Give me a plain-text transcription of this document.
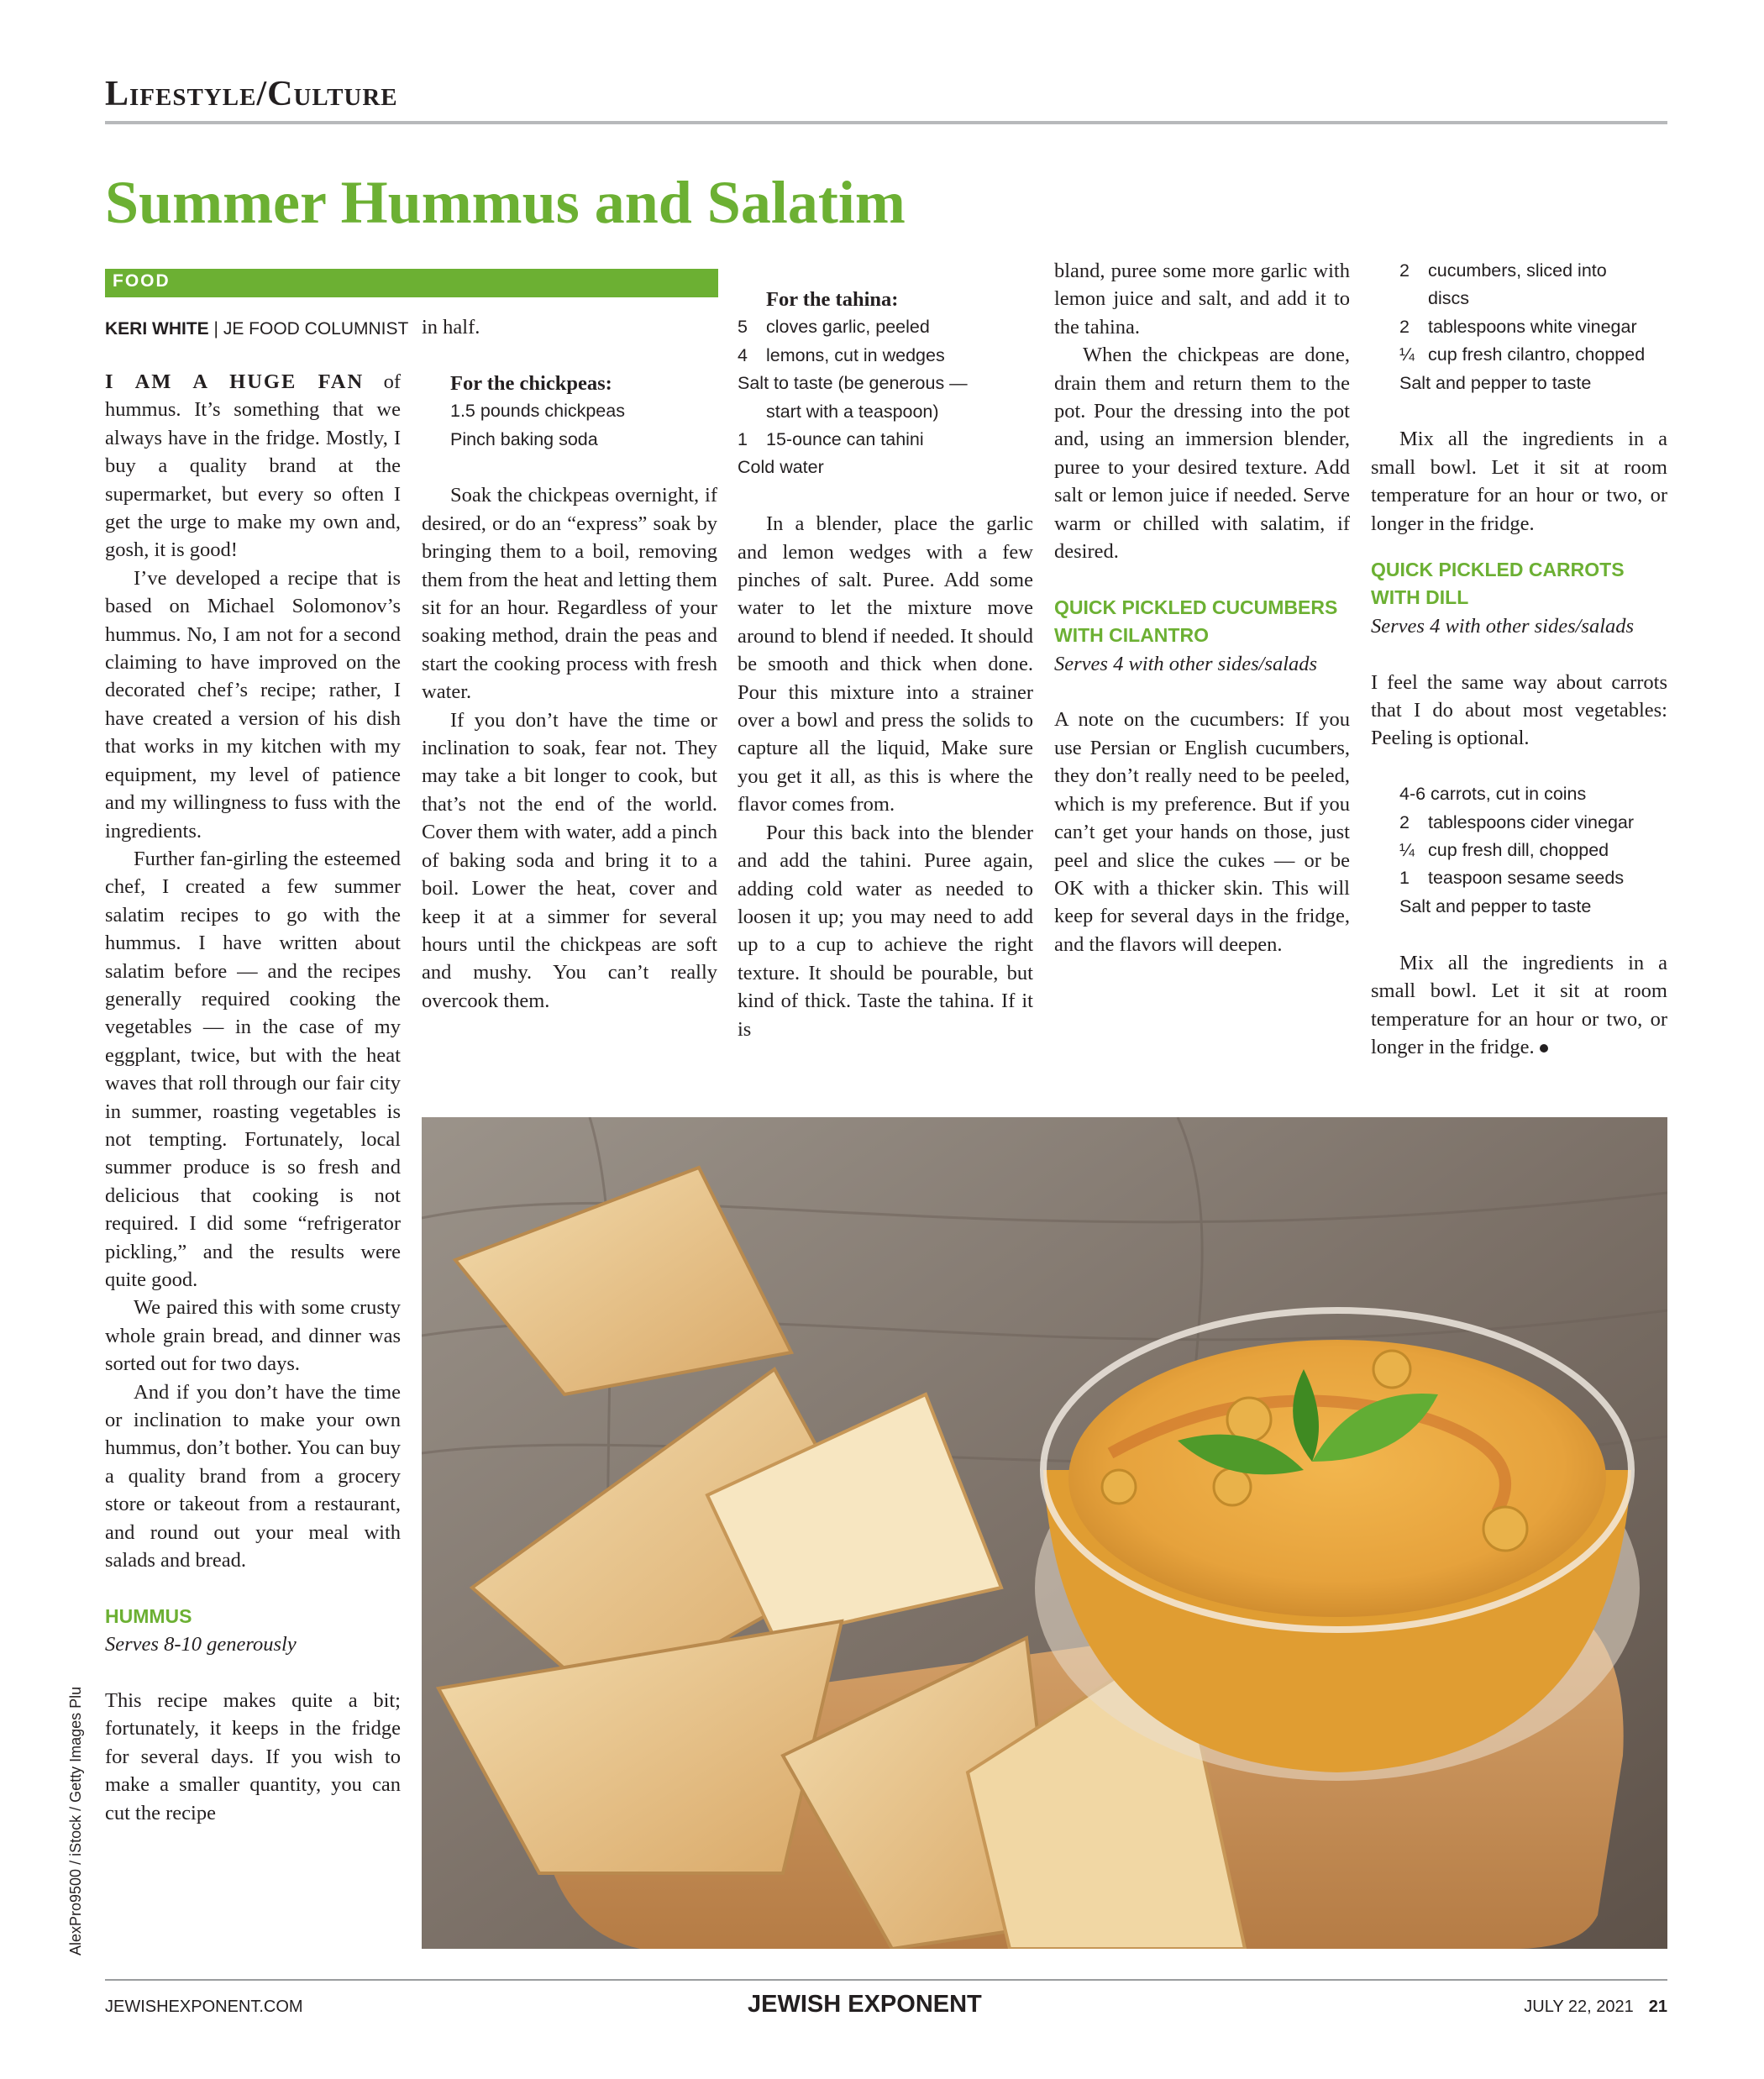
Lifestyle/Culture
Summer Hummus and Salatim
FOOD
KERI WHITE | JE FOOD COLUMNIST

I AM A HUGE FAN of hummus. It’s something that we always have in the fridge. Mostly, I buy a quality brand at the supermarket, but every so often I get the urge to make my own and, gosh, it is good!

I’ve developed a recipe that is based on Michael Solomonov’s hummus. No, I am not for a second claiming to have improved on the decorated chef’s recipe; rather, I have created a version of his dish that works in my kitchen with my equipment, my level of patience and my willingness to fuss with the ingredients.

Further fan-girling the esteemed chef, I created a few summer salatim recipes to go with the hummus. I have written about salatim before — and the recipes generally required cooking the vegetables — in the case of my eggplant, twice, but with the heat waves that roll through our fair city in summer, roasting vegetables is not tempting. Fortunately, local summer produce is so fresh and delicious that cooking is not required. I did some “refrigerator pickling,” and the results were quite good.

We paired this with some crusty whole grain bread, and dinner was sorted out for two days.

And if you don’t have the time or inclination to make your own hummus, don’t bother. You can buy a quality brand from a grocery store or takeout from a restaurant, and round out your meal with salads and bread.

HUMMUS
Serves 8-10 generously

This recipe makes quite a bit; fortunately, it keeps in the fridge for several days. If you wish to make a smaller quantity, you can cut the recipe

in half.

For the chickpeas:
1.5 pounds chickpeas
Pinch baking soda

Soak the chickpeas overnight, if desired, or do an “express” soak by bringing them to a boil, removing them from the heat and letting them sit for an hour. Regardless of your soaking method, drain the peas and start the cooking process with fresh water.

If you don’t have the time or inclination to soak, fear not. They may take a bit longer to cook, but that’s not the end of the world. Cover them with water, add a pinch of baking soda and bring it to a boil. Lower the heat, cover and keep it at a simmer for several hours until the chickpeas are soft and mushy. You can’t really overcook them.

For the tahina:
5 cloves garlic, peeled
4 lemons, cut in wedges
Salt to taste (be generous —
start with a teaspoon)
1 15-ounce can tahini
Cold water

In a blender, place the garlic and lemon wedges with a few pinches of salt. Puree. Add some water to let the mixture move around to blend if needed. It should be smooth and thick when done. Pour this mixture into a strainer over a bowl and press the solids to capture all the liquid, Make sure you get it all, as this is where the flavor comes from.

Pour this back into the blender and add the tahini. Puree again, adding cold water as needed to loosen it up; you may need to add up to a cup to achieve the right texture. It should be pourable, but kind of thick. Taste the tahina. If it is

bland, puree some more garlic with lemon juice and salt, and add it to the tahina.

When the chickpeas are done, drain them and return them to the pot. Pour the dressing into the pot and, using an immersion blender, puree to your desired texture. Add salt or lemon juice if needed. Serve warm or chilled with salatim, if desired.

QUICK PICKLED CUCUMBERS WITH CILANTRO
Serves 4 with other sides/salads

A note on the cucumbers: If you use Persian or English cucumbers, they don’t really need to be peeled, which is my preference. But if you can’t get your hands on those, just peel and slice the cukes — or be OK with a thicker skin. This will keep for several days in the fridge, and the flavors will deepen.

2 cucumbers, sliced into
discs
2 tablespoons white vinegar
¼ cup fresh cilantro, chopped
Salt and pepper to taste

Mix all the ingredients in a small bowl. Let it sit at room temperature for an hour or two, or longer in the fridge.

QUICK PICKLED CARROTS WITH DILL
Serves 4 with other sides/salads

I feel the same way about carrots that I do about most vegetables: Peeling is optional.

4-6 carrots, cut in coins
2 tablespoons cider vinegar
¼ cup fresh dill, chopped
1 teaspoon sesame seeds
Salt and pepper to taste

Mix all the ingredients in a small bowl. Let it sit at room temperature for an hour or two, or longer in the fridge.

AlexPro9500 / iStock / Getty Images Plu
JEWISHEXPONENT.COM	JEWISH EXPONENT	JULY 22, 2021 21
